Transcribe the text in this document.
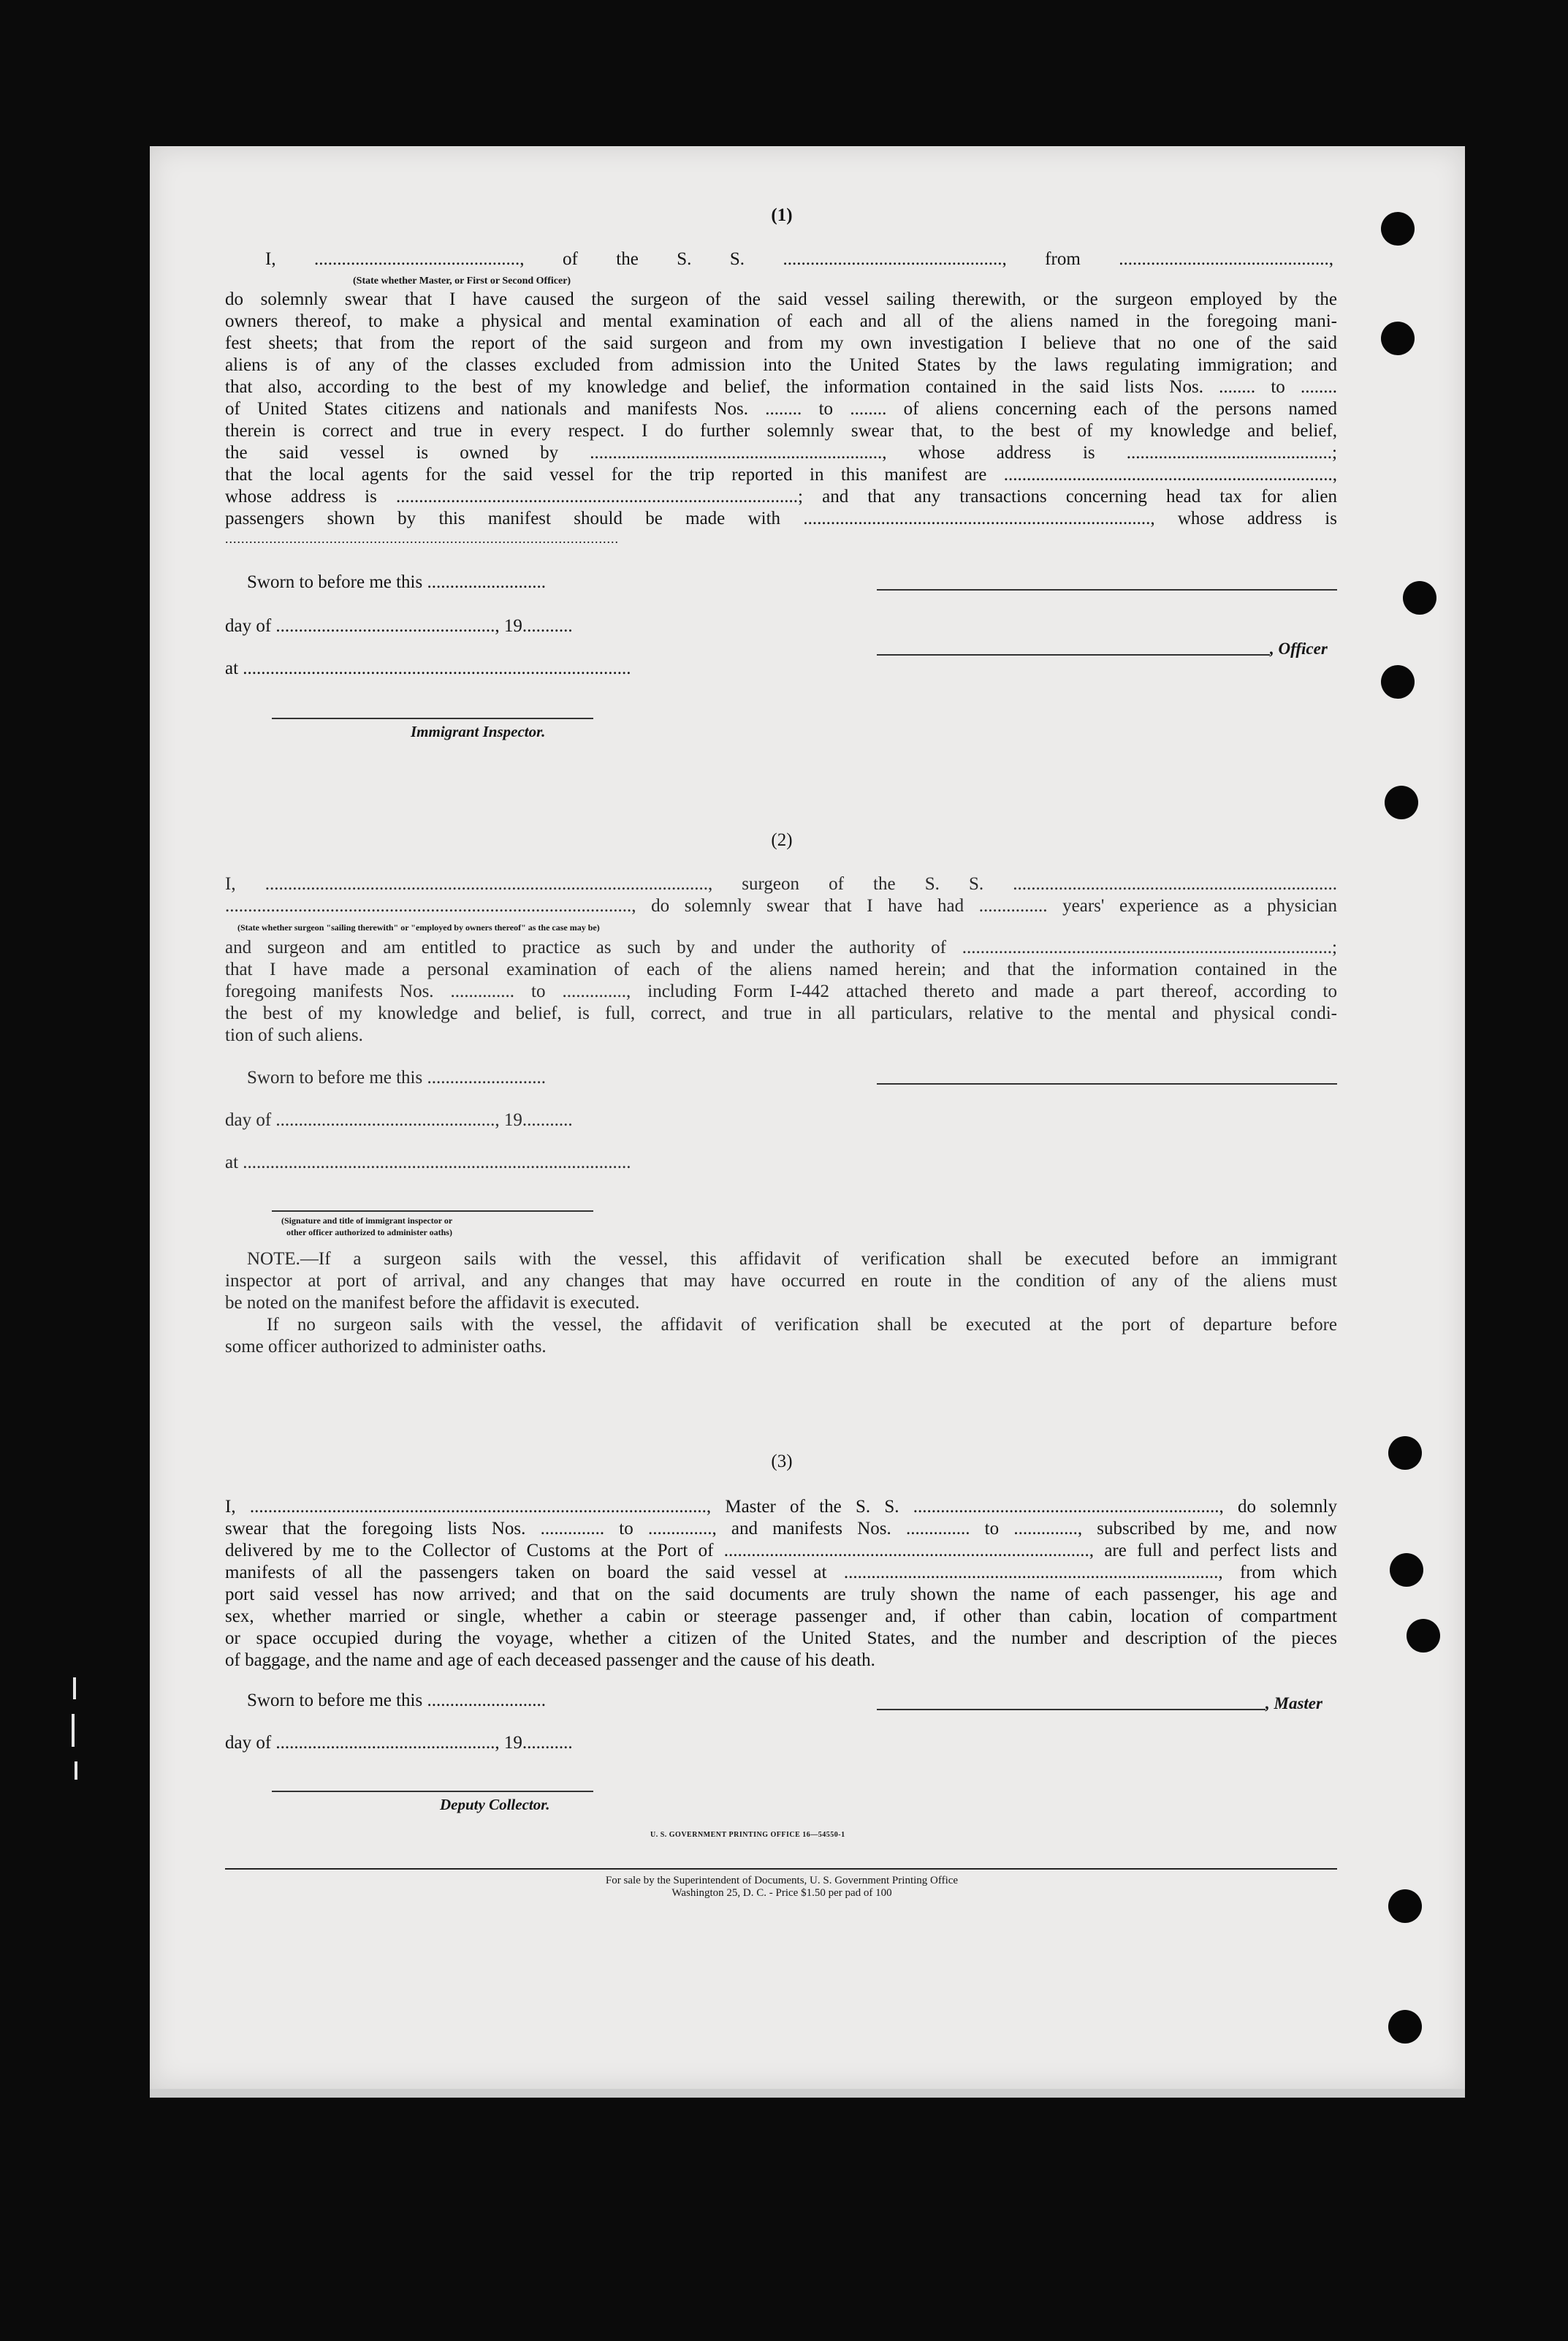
(1)
I, ............................................., of the S. S. ................................................, from ..............................................,
(State whether Master, or First or Second Officer)
do solemnly swear that I have caused the surgeon of the said vessel sailing therewith, or the surgeon employed by the
owners thereof, to make a physical and mental examination of each and all of the aliens named in the foregoing mani-
fest sheets; that from the report of the said surgeon and from my own investigation I believe that no one of the said
aliens is of any of the classes excluded from admission into the United States by the laws regulating immigration; and
that also, according to the best of my knowledge and belief, the information contained in the said lists Nos. ........ to ........
of United States citizens and nationals and manifests Nos. ........ to ........ of aliens concerning each of the persons named
therein is correct and true in every respect. I do further solemnly swear that, to the best of my knowledge and belief,
the said vessel is owned by ................................................................, whose address is .............................................;
that the local agents for the said vessel for the trip reported in this manifest are ........................................................................,
whose address is ........................................................................................; and that any transactions concerning head tax for alien
passengers shown by this manifest should be made with ............................................................................, whose address is
..................................................................................................
Sworn to before me this ..........................
day of ................................................, 19...........
at .....................................................................................
Immigrant Inspector.
, Officer
(2)
I, ................................................................................................., surgeon of the S. S. .......................................................................
........................................................................................., do solemnly swear that I have had ............... years' experience as a physician
(State whether surgeon "sailing therewith" or "employed by owners thereof" as the case may be)
and surgeon and am entitled to practice as such by and under the authority of .................................................................................;
that I have made a personal examination of each of the aliens named herein; and that the information contained in the
foregoing manifests Nos. .............. to .............., including Form I-442 attached thereto and made a part thereof, according to
the best of my knowledge and belief, is full, correct, and true in all particulars, relative to the mental and physical condi-
tion of such aliens.
Sworn to before me this ..........................
day of ................................................, 19...........
at .....................................................................................
(Signature and title of immigrant inspector or
other officer authorized to administer oaths)
NOTE.—If a surgeon sails with the vessel, this affidavit of verification shall be executed before an immigrant
inspector at port of arrival, and any changes that may have occurred en route in the condition of any of the aliens must
be noted on the manifest before the affidavit is executed.
If no surgeon sails with the vessel, the affidavit of verification shall be executed at the port of departure before
some officer authorized to administer oaths.
(3)
I, ...................................................................................................., Master of the S. S. ..................................................................., do solemnly
swear that the foregoing lists Nos. .............. to .............., and manifests Nos. .............. to .............., subscribed by me, and now
delivered by me to the Collector of Customs at the Port of ................................................................................, are full and perfect lists and
manifests of all the passengers taken on board the said vessel at .................................................................................., from which
port said vessel has now arrived; and that on the said documents are truly shown the name of each passenger, his age and
sex, whether married or single, whether a cabin or steerage passenger and, if other than cabin, location of compartment
or space occupied during the voyage, whether a citizen of the United States, and the number and description of the pieces
of baggage, and the name and age of each deceased passenger and the cause of his death.
Sworn to before me this ..........................
day of ................................................, 19...........
, Master
Deputy Collector.
U. S. GOVERNMENT PRINTING OFFICE 16—54550-1
For sale by the Superintendent of Documents, U. S. Government Printing Office
Washington 25, D. C. - Price $1.50 per pad of 100
